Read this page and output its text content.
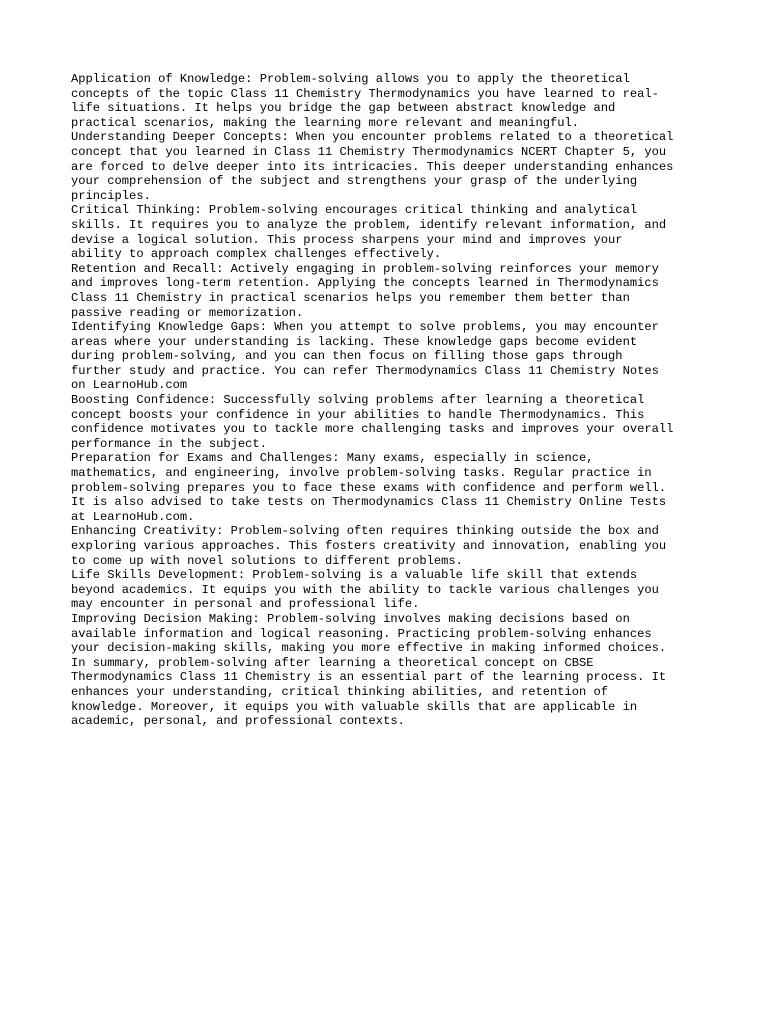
Application of Knowledge: Problem-solving allows you to apply the theoretical
concepts of the topic Class 11 Chemistry Thermodynamics you have learned to real-
life situations. It helps you bridge the gap between abstract knowledge and
practical scenarios, making the learning more relevant and meaningful.

Understanding Deeper Concepts: When you encounter problems related to a theoretical
concept that you learned in Class 11 Chemistry Thermodynamics NCERT Chapter 5, you
are forced to delve deeper into its intricacies. This deeper understanding enhances
your comprehension of the subject and strengthens your grasp of the underlying
principles.

Critical Thinking: Problem-solving encourages critical thinking and analytical
skills. It requires you to analyze the problem, identify relevant information, and
devise a logical solution. This process sharpens your mind and improves your
ability to approach complex challenges effectively.

Retention and Recall: Actively engaging in problem-solving reinforces your memory
and improves long-term retention. Applying the concepts learned in Thermodynamics
Class 11 Chemistry in practical scenarios helps you remember them better than
passive reading or memorization.

Identifying Knowledge Gaps: When you attempt to solve problems, you may encounter
areas where your understanding is lacking. These knowledge gaps become evident
during problem-solving, and you can then focus on filling those gaps through
further study and practice. You can refer Thermodynamics Class 11 Chemistry Notes
on LearnoHub.com

Boosting Confidence: Successfully solving problems after learning a theoretical
concept boosts your confidence in your abilities to handle Thermodynamics. This
confidence motivates you to tackle more challenging tasks and improves your overall
performance in the subject.

Preparation for Exams and Challenges: Many exams, especially in science,
mathematics, and engineering, involve problem-solving tasks. Regular practice in
problem-solving prepares you to face these exams with confidence and perform well.
It is also advised to take tests on Thermodynamics Class 11 Chemistry Online Tests
at LearnoHub.com.

Enhancing Creativity: Problem-solving often requires thinking outside the box and
exploring various approaches. This fosters creativity and innovation, enabling you
to come up with novel solutions to different problems.

Life Skills Development: Problem-solving is a valuable life skill that extends
beyond academics. It equips you with the ability to tackle various challenges you
may encounter in personal and professional life.

Improving Decision Making: Problem-solving involves making decisions based on
available information and logical reasoning. Practicing problem-solving enhances
your decision-making skills, making you more effective in making informed choices.

In summary, problem-solving after learning a theoretical concept on CBSE
Thermodynamics Class 11 Chemistry is an essential part of the learning process. It
enhances your understanding, critical thinking abilities, and retention of
knowledge. Moreover, it equips you with valuable skills that are applicable in
academic, personal, and professional contexts.
